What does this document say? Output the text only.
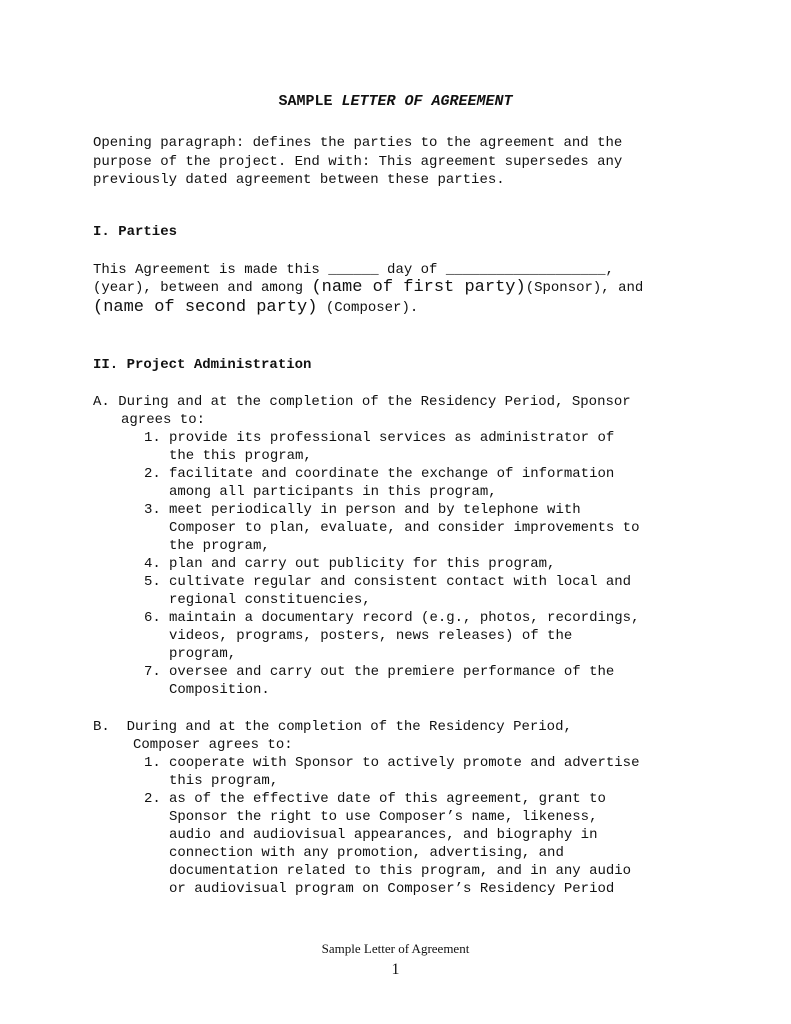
SAMPLE LETTER OF AGREEMENT
Opening paragraph: defines the parties to the agreement and the
purpose of the project. End with: This agreement supersedes any
previously dated agreement between these parties.
I. Parties
This Agreement is made this ______ day of ___________________,
(year), between and among (name of first party)(Sponsor), and
(name of second party) (Composer).
II. Project Administration
A. During and at the completion of the Residency Period, Sponsor
agrees to:
1. provide its professional services as administrator of
the this program,
2. facilitate and coordinate the exchange of information
among all participants in this program,
3. meet periodically in person and by telephone with
Composer to plan, evaluate, and consider improvements to
the program,
4. plan and carry out publicity for this program,
5. cultivate regular and consistent contact with local and
regional constituencies,
6. maintain a documentary record (e.g., photos, recordings,
videos, programs, posters, news releases) of the
program,
7. oversee and carry out the premiere performance of the
Composition.
B.  During and at the completion of the Residency Period,
Composer agrees to:
1. cooperate with Sponsor to actively promote and advertise
this program,
2. as of the effective date of this agreement, grant to
Sponsor the right to use Composer’s name, likeness,
audio and audiovisual appearances, and biography in
connection with any promotion, advertising, and
documentation related to this program, and in any audio
or audiovisual program on Composer’s Residency Period
Sample Letter of Agreement
1
